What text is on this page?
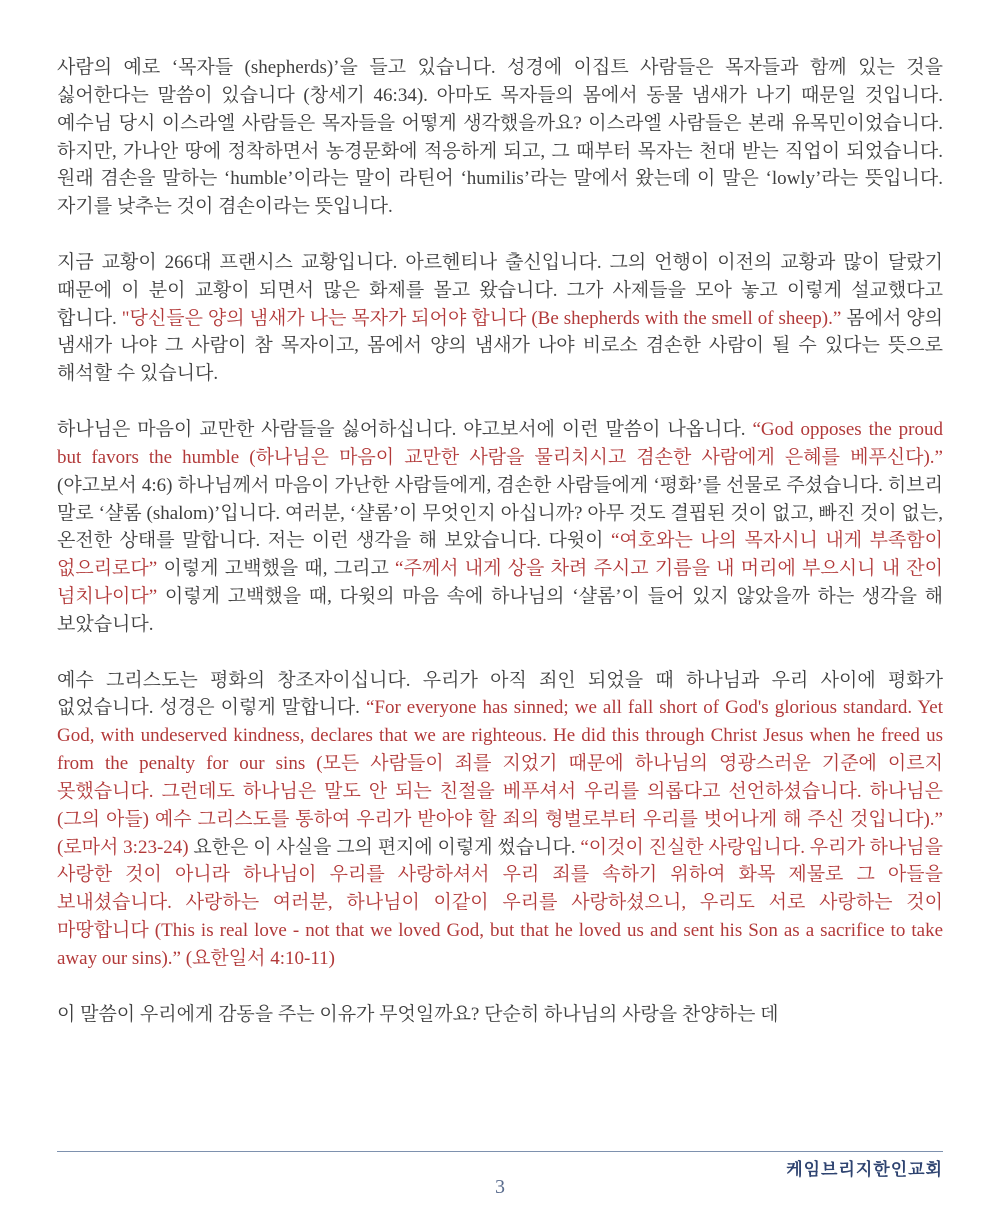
사람의 예로 ‘목자들 (shepherds)’을 들고 있습니다. 성경에 이집트 사람들은 목자들과 함께 있는 것을 싫어한다는 말씀이 있습니다 (창세기 46:34). 아마도 목자들의 몸에서 동물 냄새가 나기 때문일 것입니다. 예수님 당시 이스라엘 사람들은 목자들을 어떻게 생각했을까요? 이스라엘 사람들은 본래 유목민이었습니다. 하지만, 가나안 땅에 정착하면서 농경문화에 적응하게 되고, 그 때부터 목자는 천대 받는 직업이 되었습니다. 원래 겸손을 말하는 ‘humble’이라는 말이 라틴어 ‘humilis’라는 말에서 왔는데 이 말은 ‘lowly’라는 뜻입니다. 자기를 낮추는 것이 겸손이라는 뜻입니다.

지금 교황이 266대 프랜시스 교황입니다. 아르헨티나 출신입니다. 그의 언행이 이전의 교황과 많이 달랐기 때문에 이 분이 교황이 되면서 많은 화제를 몰고 왔습니다. 그가 사제들을 모아 놓고 이렇게 설교했다고 합니다. "당신들은 양의 냄새가 나는 목자가 되어야 합니다 (Be shepherds with the smell of sheep).” 몸에서 양의 냄새가 나야 그 사람이 참 목자이고, 몸에서 양의 냄새가 나야 비로소 겸손한 사람이 될 수 있다는 뜻으로 해석할 수 있습니다.

하나님은 마음이 교만한 사람들을 싫어하십니다. 야고보서에 이런 말씀이 나옵니다. “God opposes the proud but favors the humble (하나님은 마음이 교만한 사람을 물리치시고 겸손한 사람에게 은혜를 베푸신다).” (야고보서 4:6) 하나님께서 마음이 가난한 사람들에게, 겸손한 사람들에게 ‘평화’를 선물로 주셨습니다. 히브리 말로 ‘샬롬 (shalom)’입니다. 여러분, ‘샬롬’이 무엇인지 아십니까? 아무 것도 결핍된 것이 없고, 빠진 것이 없는, 온전한 상태를 말합니다. 저는 이런 생각을 해 보았습니다. 다윗이 “여호와는 나의 목자시니 내게 부족함이 없으리로다” 이렇게 고백했을 때, 그리고 “주께서 내게 상을 차려 주시고 기름을 내 머리에 부으시니 내 잔이 넘치나이다” 이렇게 고백했을 때, 다윗의 마음 속에 하나님의 ‘샬롬’이 들어 있지 않았을까 하는 생각을 해 보았습니다.

예수 그리스도는 평화의 창조자이십니다. 우리가 아직 죄인 되었을 때 하나님과 우리 사이에 평화가 없었습니다. 성경은 이렇게 말합니다. “For everyone has sinned; we all fall short of God's glorious standard. Yet God, with undeserved kindness, declares that we are righteous. He did this through Christ Jesus when he freed us from the penalty for our sins (모든 사람들이 죄를 지었기 때문에 하나님의 영광스러운 기준에 이르지 못했습니다. 그런데도 하나님은 말도 안 되는 친절을 베푸셔서 우리를 의롭다고 선언하셨습니다. 하나님은 (그의 아들) 예수 그리스도를 통하여 우리가 받아야 할 죄의 형벌로부터 우리를 벗어나게 해 주신 것입니다).” (로마서 3:23-24) 요한은 이 사실을 그의 편지에 이렇게 썼습니다. “이것이 진실한 사랑입니다. 우리가 하나님을 사랑한 것이 아니라 하나님이 우리를 사랑하셔서 우리 죄를 속하기 위하여 화목 제물로 그 아들을 보내셨습니다. 사랑하는 여러분, 하나님이 이같이 우리를 사랑하셨으니, 우리도 서로 사랑하는 것이 마땅합니다 (This is real love - not that we loved God, but that he loved us and sent his Son as a sacrifice to take away our sins).” (요한일서 4:10-11)

이 말씀이 우리에게 감동을 주는 이유가 무엇일까요? 단순히 하나님의 사랑을 찬양하는 데

케임브리지한인교회
3
